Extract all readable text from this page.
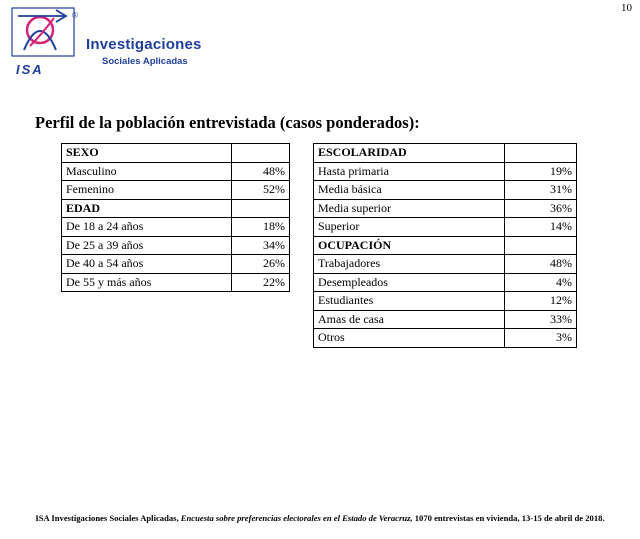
10
®
Investigaciones
Sociales Aplicadas
ISA
Perfil de la población entrevistada (casos ponderados):
SEXO	
Masculino	48%
Femenino	52%
EDAD	
De 18 a 24 años	18%
De 25 a 39 años	34%
De 40 a 54 años	26%
De 55 y más años	22%
ESCOLARIDAD	
Hasta primaria	19%
Media básica	31%
Media superior	36%
Superior	14%
OCUPACIÓN	
Trabajadores	48%
Desempleados	4%
Estudiantes	12%
Amas de casa	33%
Otros	3%
ISA Investigaciones Sociales Aplicadas, Encuesta sobre preferencias electorales en el Estado de Veracruz, 1070 entrevistas en vivienda, 13-15 de abril de 2018.
